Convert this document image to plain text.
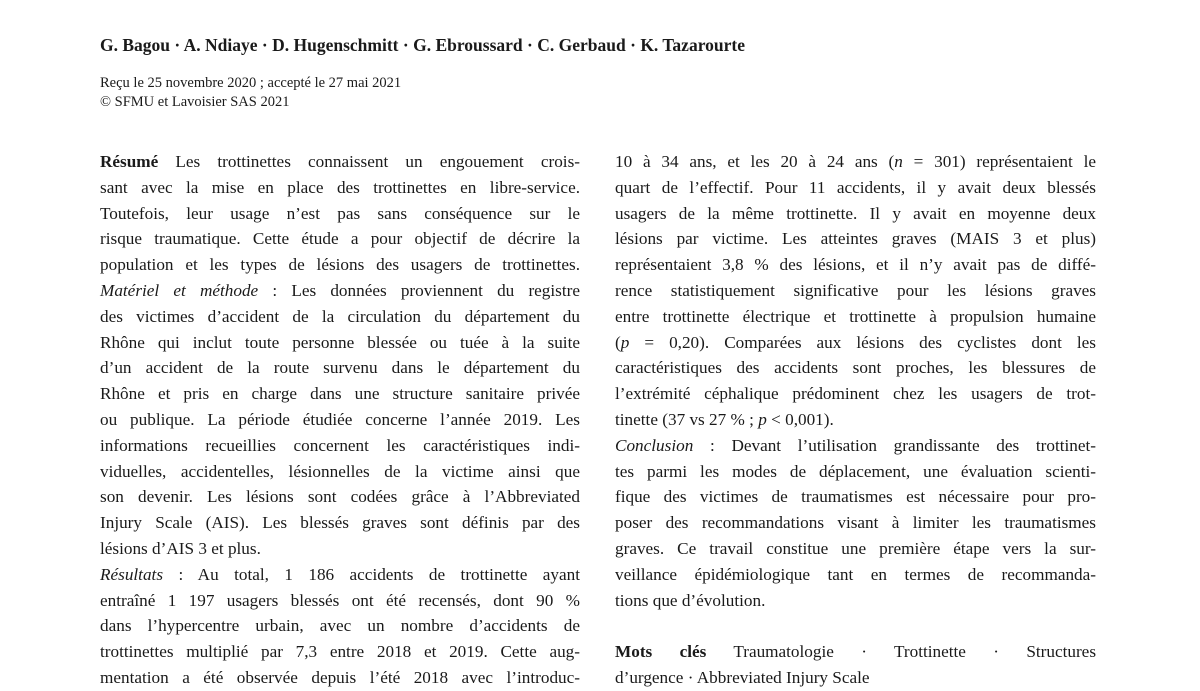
G. Bagou · A. Ndiaye · D. Hugenschmitt · G. Ebroussard · C. Gerbaud · K. Tazarourte
Reçu le 25 novembre 2020 ; accepté le 27 mai 2021
© SFMU et Lavoisier SAS 2021
Résumé Les trottinettes connaissent un engouement crois-
sant avec la mise en place des trottinettes en libre-service.
Toutefois, leur usage n’est pas sans conséquence sur le
risque traumatique. Cette étude a pour objectif de décrire la
population et les types de lésions des usagers de trottinettes.
Matériel et méthode : Les données proviennent du registre
des victimes d’accident de la circulation du département du
Rhône qui inclut toute personne blessée ou tuée à la suite
d’un accident de la route survenu dans le département du
Rhône et pris en charge dans une structure sanitaire privée
ou publique. La période étudiée concerne l’année 2019. Les
informations recueillies concernent les caractéristiques indi-
viduelles, accidentelles, lésionnelles de la victime ainsi que
son devenir. Les lésions sont codées grâce à l’Abbreviated
Injury Scale (AIS). Les blessés graves sont définis par des
lésions d’AIS 3 et plus.
Résultats : Au total, 1 186 accidents de trottinette ayant
entraîné 1 197 usagers blessés ont été recensés, dont 90 %
dans l’hypercentre urbain, avec un nombre d’accidents de
trottinettes multiplié par 7,3 entre 2018 et 2019. Cette aug-
mentation a été observée depuis l’été 2018 avec l’introduc-
10 à 34 ans, et les 20 à 24 ans (n = 301) représentaient le
quart de l’effectif. Pour 11 accidents, il y avait deux blessés
usagers de la même trottinette. Il y avait en moyenne deux
lésions par victime. Les atteintes graves (MAIS 3 et plus)
représentaient 3,8 % des lésions, et il n’y avait pas de diffé-
rence statistiquement significative pour les lésions graves
entre trottinette électrique et trottinette à propulsion humaine
(p = 0,20). Comparées aux lésions des cyclistes dont les
caractéristiques des accidents sont proches, les blessures de
l’extrémité céphalique prédominent chez les usagers de trot-
tinette (37 vs 27 % ; p < 0,001).
Conclusion : Devant l’utilisation grandissante des trottinet-
tes parmi les modes de déplacement, une évaluation scienti-
fique des victimes de traumatismes est nécessaire pour pro-
poser des recommandations visant à limiter les traumatismes
graves. Ce travail constitue une première étape vers la sur-
veillance épidémiologique tant en termes de recommanda-
tions que d’évolution.
Mots clés Traumatologie · Trottinette · Structures
d’urgence · Abbreviated Injury Scale
